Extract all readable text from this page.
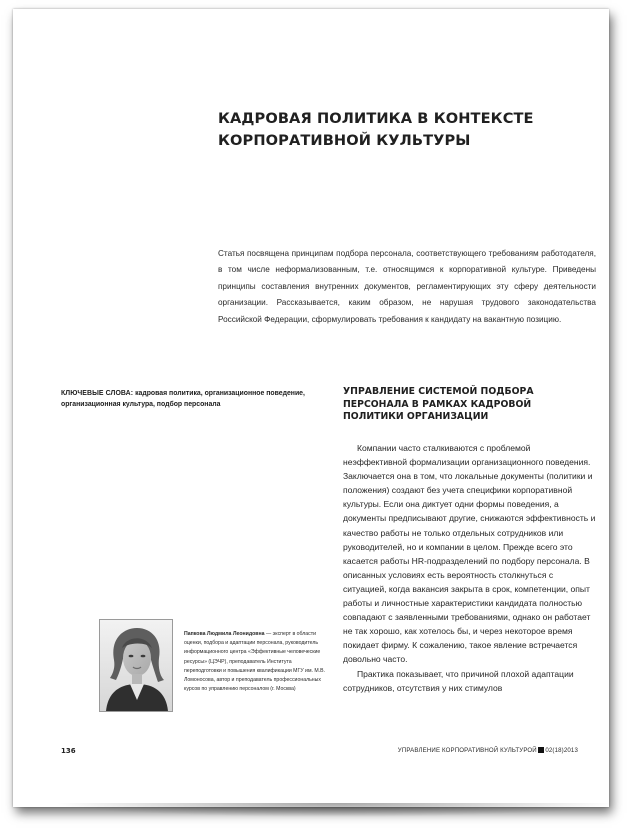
КАДРОВАЯ ПОЛИТИКА В КОНТЕКСТЕ
КОРПОРАТИВНОЙ КУЛЬТУРЫ

Статья посвящена принципам подбора персонала, соответствующего требованиям работодателя, в том числе неформализованным, т.е. относящимся к корпоративной культуре. Приведены принципы составления внутренних документов, регламентирующих эту сферу деятельности организации. Рассказывается, каким образом, не нарушая трудового законодательства Российской Федерации, сформулировать требования к кандидату на вакантную позицию.

КЛЮЧЕВЫЕ СЛОВА: кадровая политика, организационное поведение, организационная культура, подбор персонала

УПРАВЛЕНИЕ СИСТЕМОЙ ПОДБОРА
ПЕРСОНАЛА В РАМКАХ КАДРОВОЙ
ПОЛИТИКИ ОРГАНИЗАЦИИ

Компании часто сталкиваются с проблемой неэффективной формализации организационного поведения. Заключается она в том, что локальные документы (политики и положения) создают без учета специфики корпоративной культуры. Если она диктует одни формы поведения, а документы предписывают другие, снижаются эффективность и качество работы не только отдельных сотрудников или руководителей, но и компании в целом. Прежде всего это касается работы HR-подразделений по подбору персонала. В описанных условиях есть вероятность столкнуться с ситуацией, когда вакансия закрыта в срок, компетенции, опыт работы и личностные характеристики кандидата полностью совпадают с заявленными требованиями, однако он работает не так хорошо, как хотелось бы, и через некоторое время покидает фирму. К сожалению, такое явление встречается довольно часто.

Практика показывает, что причиной плохой адаптации сотрудников, отсутствия у них стимулов

Папкова Людмила Леонидовна — эксперт в области оценки, подбора и адаптации персонала, руководитель информационного центра «Эффективные человеческие ресурсы» (ЦЭЧР), преподаватель Института переподготовки и повышения квалификации МГУ им. М.В. Ломоносова, автор и преподаватель профессиональных курсов по управлению персоналом (г. Москва)

136	УПРАВЛЕНИЕ КОРПОРАТИВНОЙ КУЛЬТУРОЙ 02(18)2013
